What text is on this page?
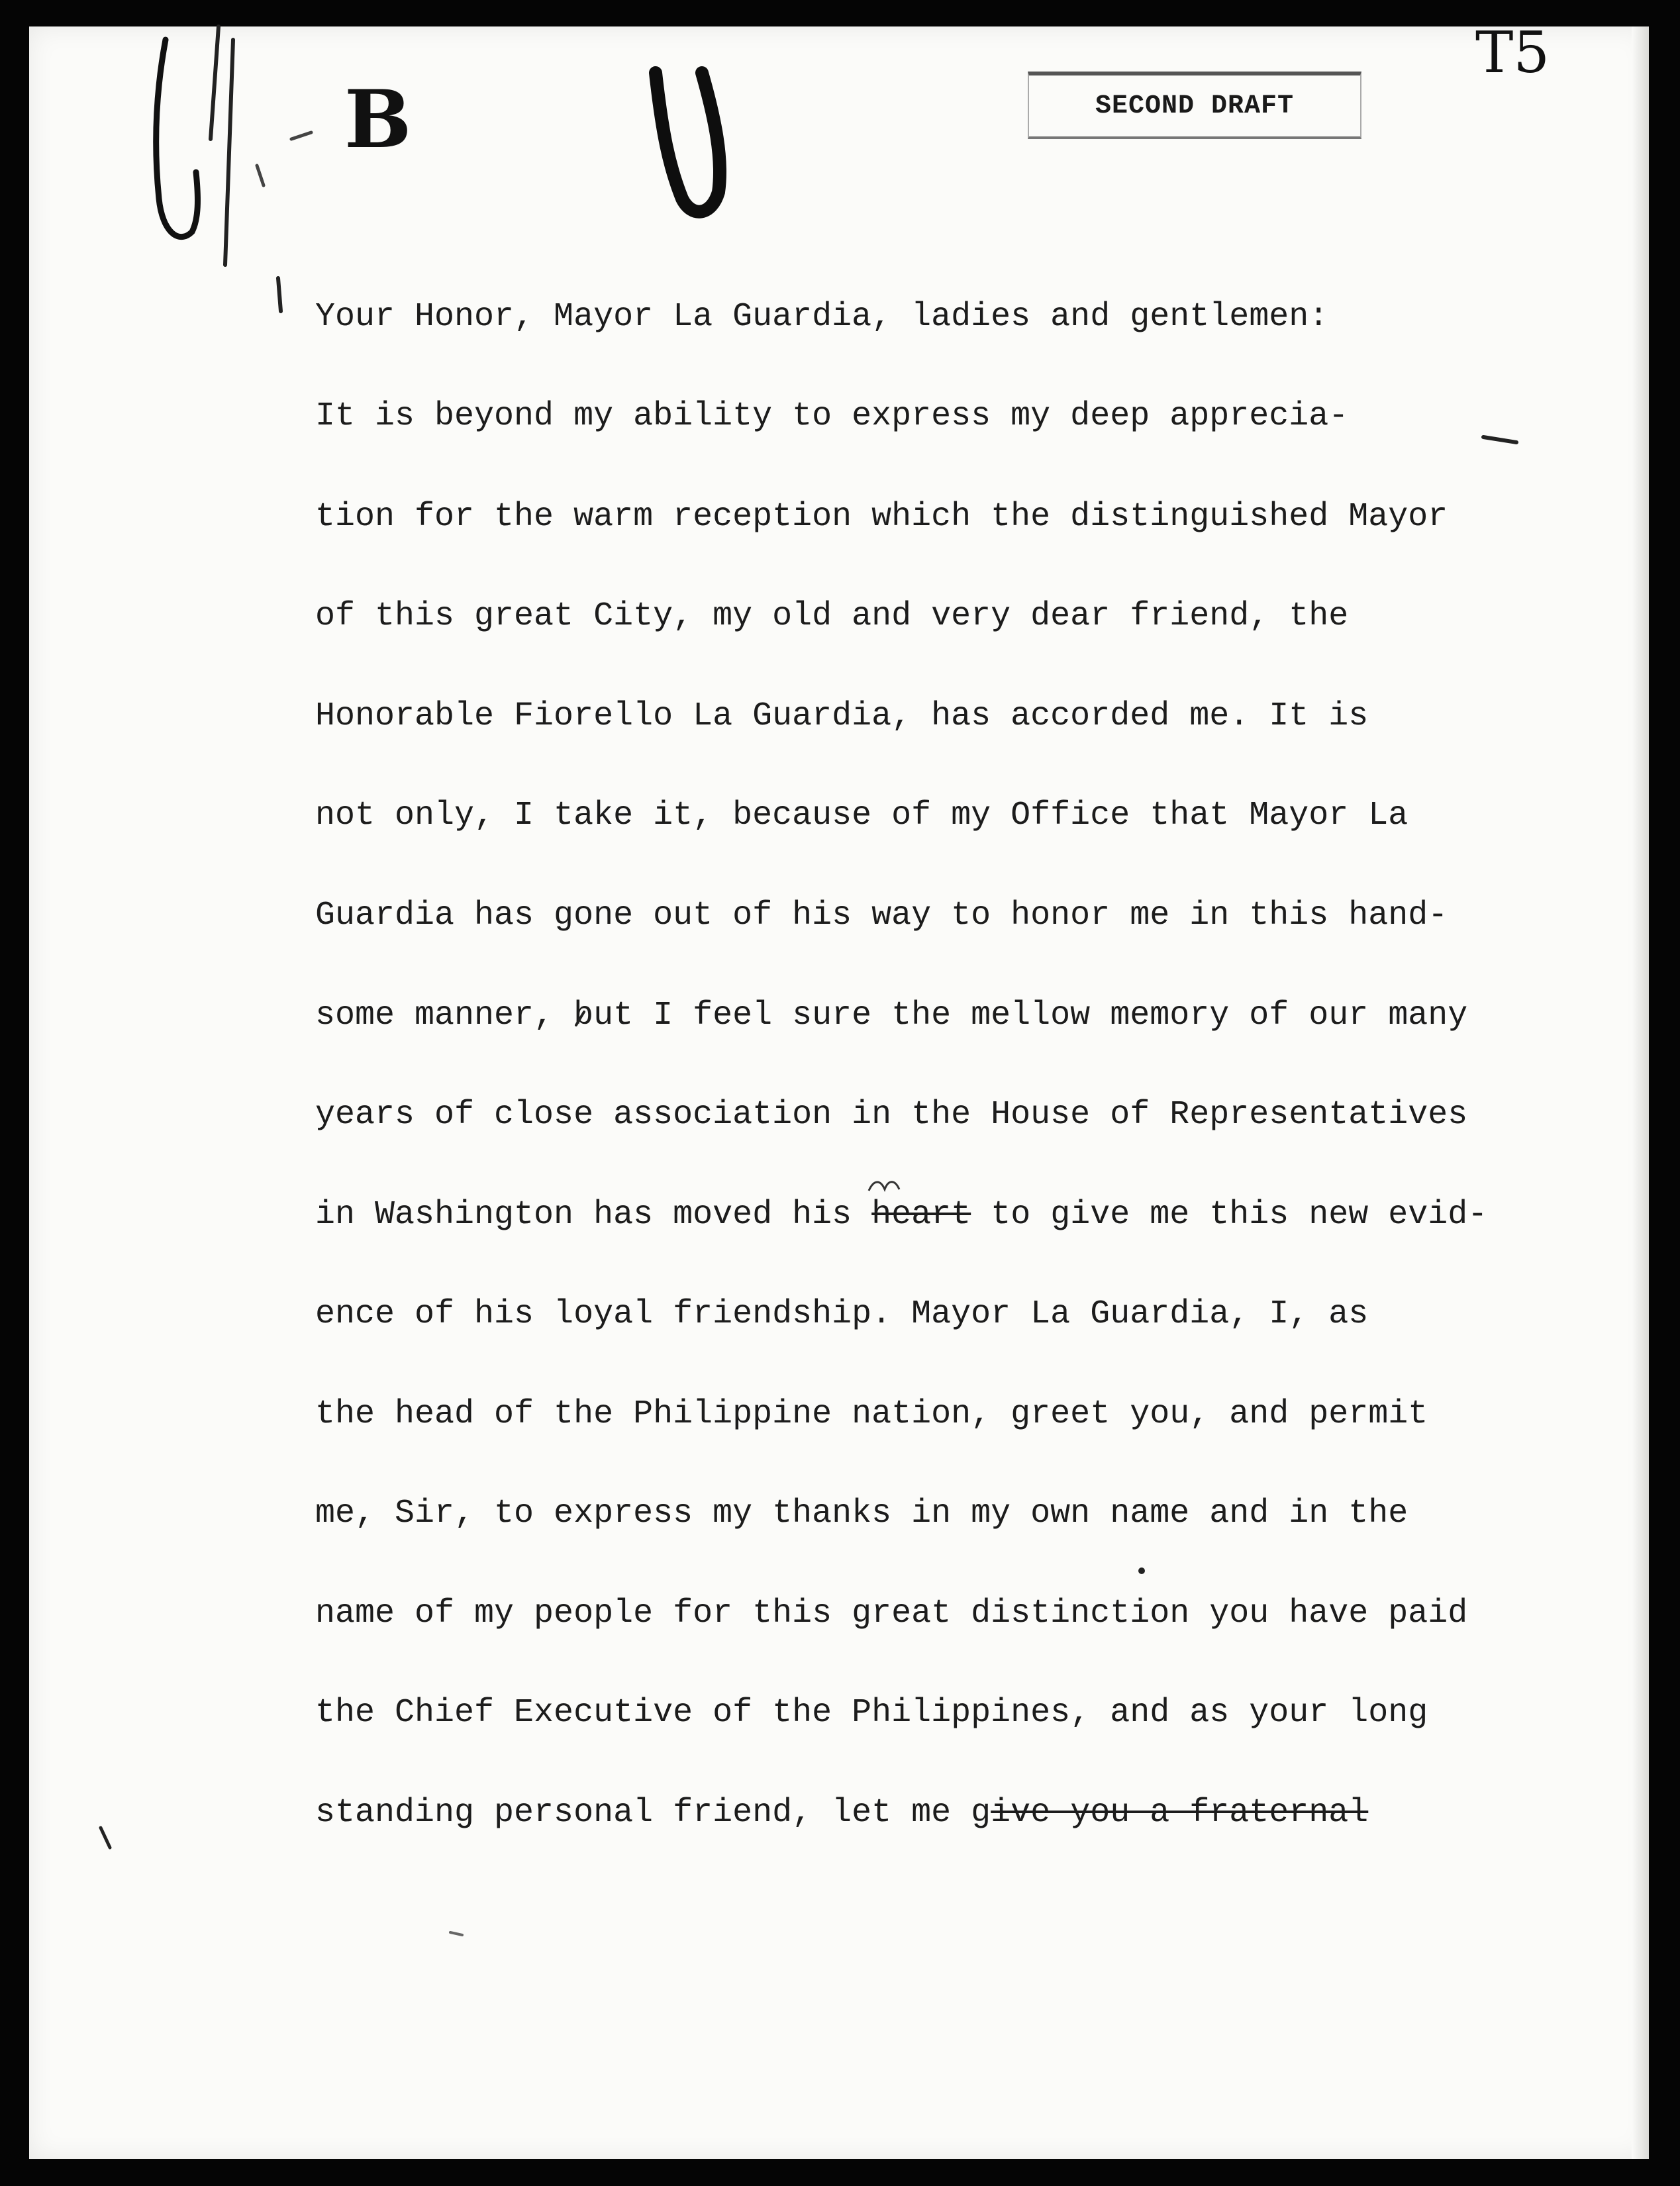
B
T5
SECOND DRAFT

Your Honor, Mayor La Guardia, ladies and gentlemen:

It is beyond my ability to express my deep apprecia-

tion for the warm reception which the distinguished Mayor

of this great City, my old and very dear friend, the

Honorable Fiorello La Guardia, has accorded me. It is

not only, I take it, because of my Office that Mayor La

Guardia has gone out of his way to honor me in this hand-

some manner, but I feel sure the mellow memory of our many

years of close association in the House of Representatives

in Washington has moved his heart to give me this new evid-

ence of his loyal friendship. Mayor La Guardia, I, as

the head of the Philippine nation, greet you, and permit

me, Sir, to express my thanks in my own name and in the

name of my people for this great distinction you have paid

the Chief Executive of the Philippines, and as your long

standing personal friend, let me give you a fraternal
